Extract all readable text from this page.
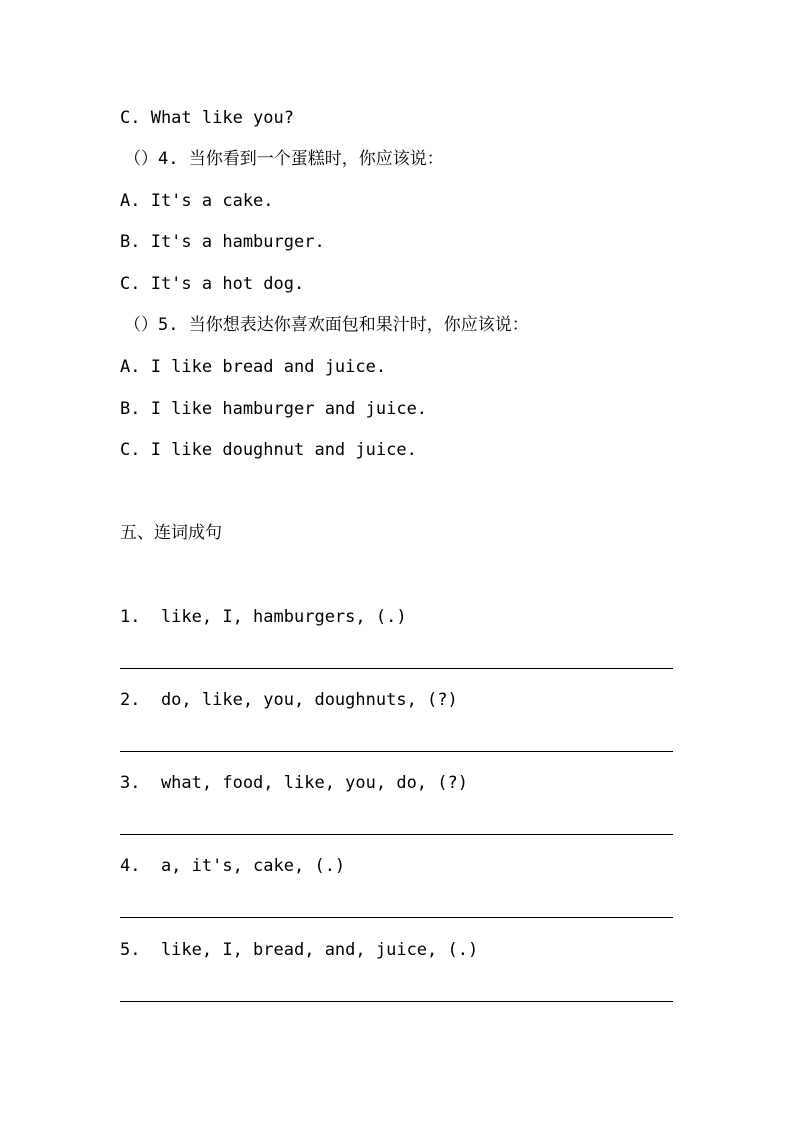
C. What like you?
（）4. 当你看到一个蛋糕时，你应该说：
A. It's a cake.
B. It's a hamburger.
C. It's a hot dog.
（）5. 当你想表达你喜欢面包和果汁时，你应该说：
A. I like bread and juice.
B. I like hamburger and juice.
C. I like doughnut and juice.
五、连词成句
1.  like, I, hamburgers, (.)
2.  do, like, you, doughnuts, (?)
3.  what, food, like, you, do, (?)
4.  a, it's, cake, (.)
5.  like, I, bread, and, juice, (.)
